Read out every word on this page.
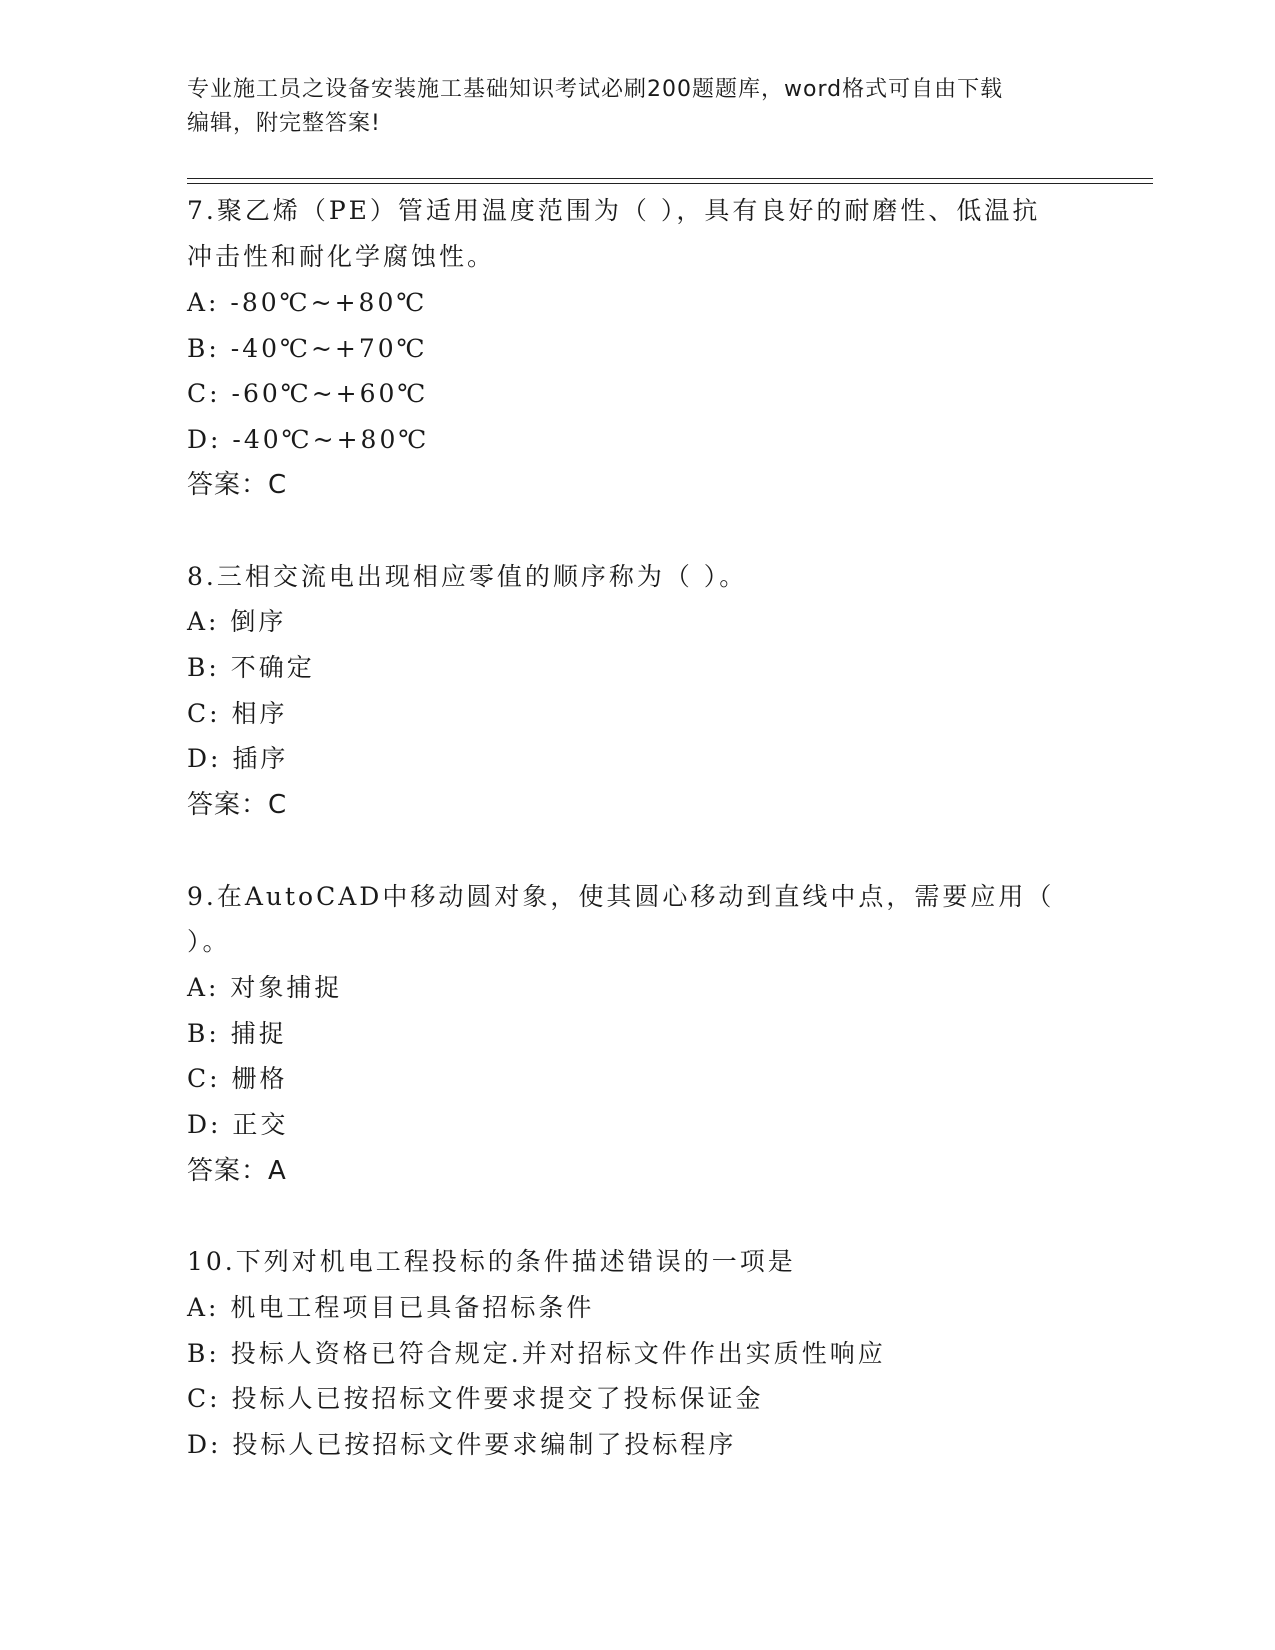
专业施工员之设备安装施工基础知识考试必刷200题题库，word格式可自由下载
编辑，附完整答案!
7.聚乙烯（PE）管适用温度范围为（ ），具有良好的耐磨性、低温抗
冲击性和耐化学腐蚀性。
A: -80℃~+80℃
B: -40℃~+70℃
C: -60℃~+60℃
D: -40℃~+80℃
答案：C
8.三相交流电出现相应零值的顺序称为（ ）。
A: 倒序
B: 不确定
C: 相序
D: 插序
答案：C
9.在AutoCAD中移动圆对象，使其圆心移动到直线中点，需要应用（
）。
A: 对象捕捉
B: 捕捉
C: 栅格
D: 正交
答案：A
10.下列对机电工程投标的条件描述错误的一项是
A: 机电工程项目已具备招标条件
B: 投标人资格已符合规定.并对招标文件作出实质性响应
C: 投标人已按招标文件要求提交了投标保证金
D: 投标人已按招标文件要求编制了投标程序
